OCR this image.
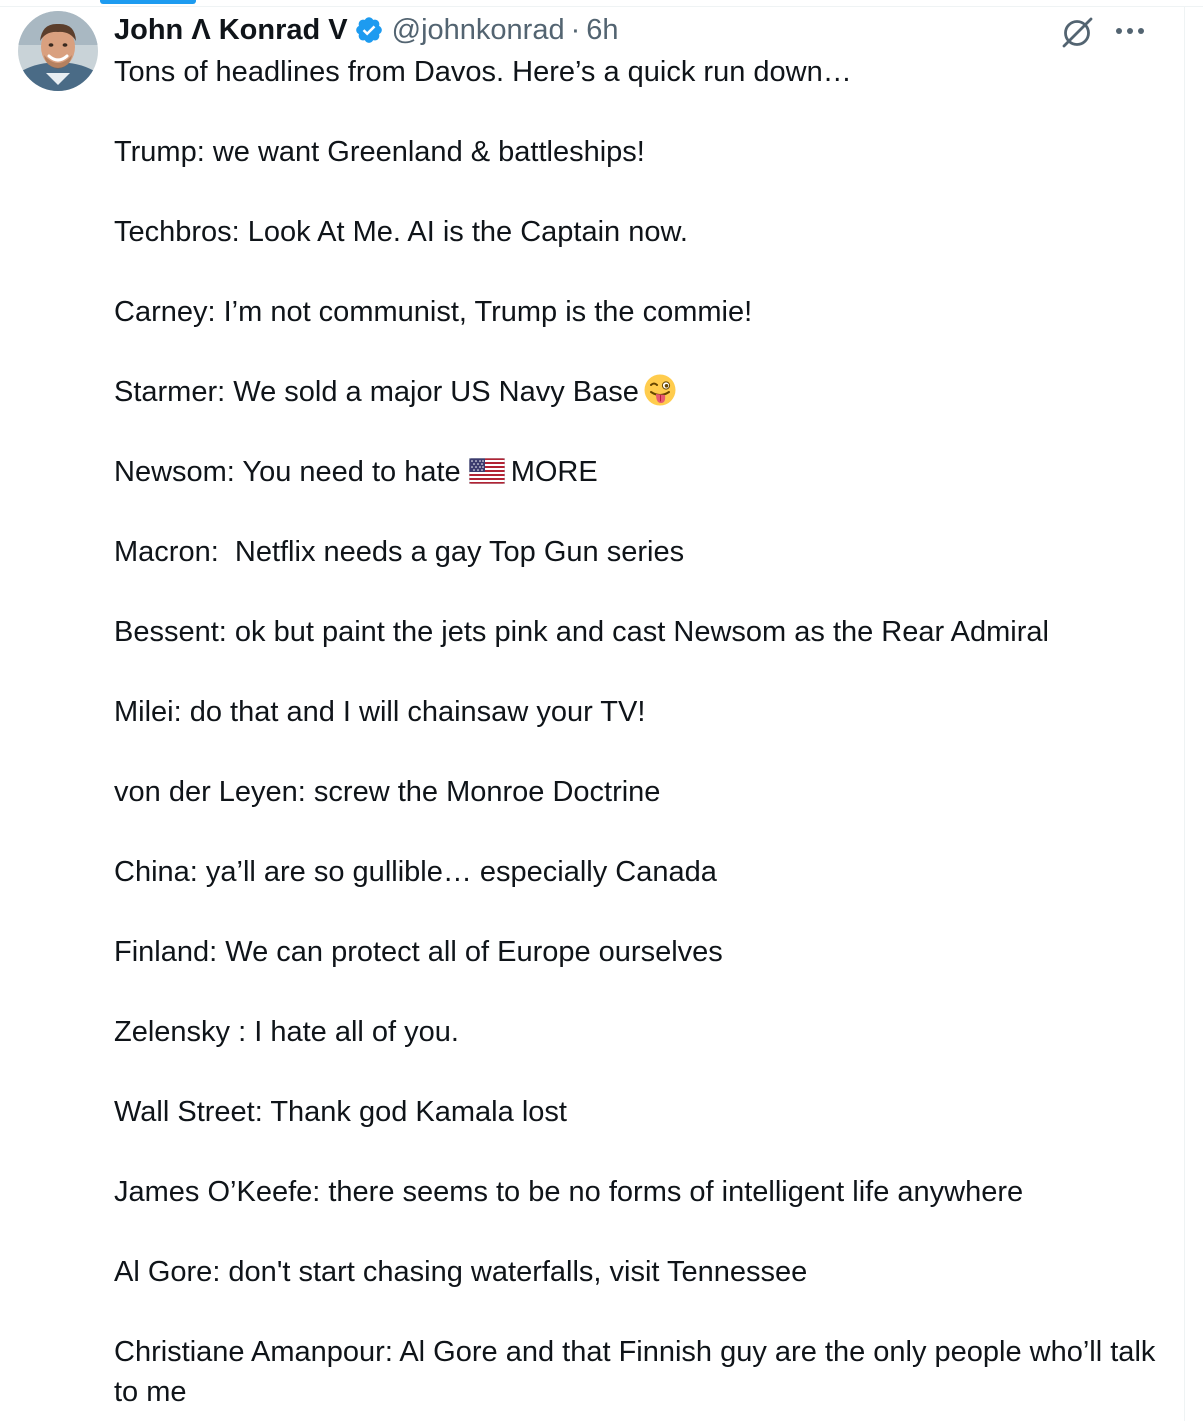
John Λ Konrad V @johnkonrad · 6h

Tons of headlines from Davos. Here’s a quick run down…

Trump: we want Greenland & battleships!

Techbros: Look At Me. AI is the Captain now.

Carney: I’m not communist, Trump is the commie!

Starmer: We sold a major US Navy Base

Newsom: You need to hate MORE

Macron:  Netflix needs a gay Top Gun series

Bessent: ok but paint the jets pink and cast Newsom as the Rear Admiral

Milei: do that and I will chainsaw your TV!

von der Leyen: screw the Monroe Doctrine

China: ya’ll are so gullible… especially Canada

Finland: We can protect all of Europe ourselves

Zelensky : I hate all of you.

Wall Street: Thank god Kamala lost

James O’Keefe: there seems to be no forms of intelligent life anywhere

Al Gore: don't start chasing waterfalls, visit Tennessee

Christiane Amanpour: Al Gore and that Finnish guy are the only people who’ll talk to me
